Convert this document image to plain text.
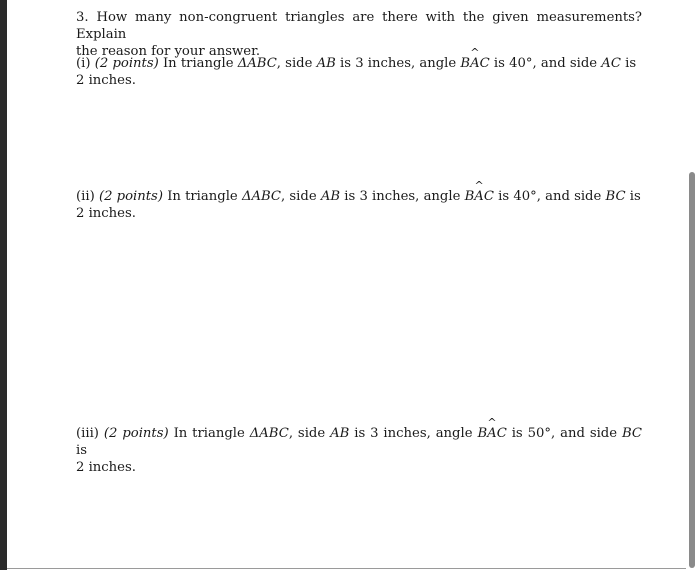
3. How many non-congruent triangles are there with the given measurements? Explain

the reason for your answer.

(i) (2 points) In triangle ΔABC, side AB is 3 inches, angle B
^
AC is 40°, and side AC is

2 inches.

(ii) (2 points) In triangle ΔABC, side AB is 3 inches, angle B
^
AC is 40°, and side BC is

2 inches.

(iii) (2 points) In triangle ΔABC, side AB is 3 inches, angle B
^
AC is 50°, and side BC is

2 inches.
